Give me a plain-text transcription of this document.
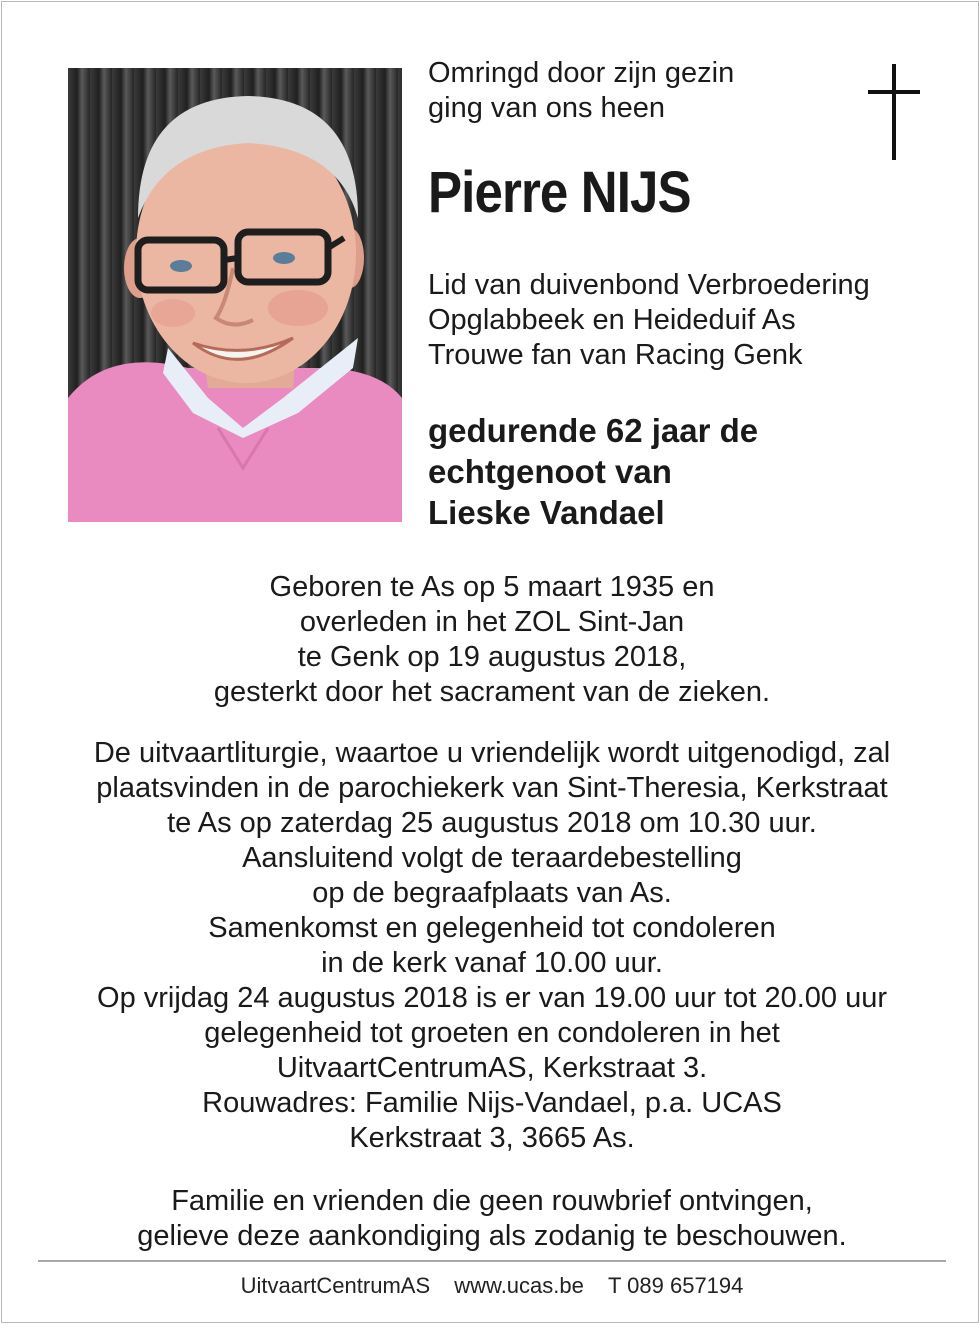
Omringd door zijn gezin
ging van ons heen
Pierre NIJS
Lid van duivenbond Verbroedering
Opglabbeek en Heideduif As
Trouwe fan van Racing Genk
gedurende 62 jaar de
echtgenoot van
Lieske Vandael
Geboren te As op 5 maart 1935 en
overleden in het ZOL Sint-Jan
te Genk op 19 augustus 2018,
gesterkt door het sacrament van de zieken.
De uitvaartliturgie, waartoe u vriendelijk wordt uitgenodigd, zal
plaatsvinden in de parochiekerk van Sint-Theresia, Kerkstraat
te As op zaterdag 25 augustus 2018 om 10.30 uur.
Aansluitend volgt de teraardebestelling
op de begraafplaats van As.
Samenkomst en gelegenheid tot condoleren
in de kerk vanaf 10.00 uur.
Op vrijdag 24 augustus 2018 is er van 19.00 uur tot 20.00 uur
gelegenheid tot groeten en condoleren in het
UitvaartCentrumAS, Kerkstraat 3.
Rouwadres: Familie Nijs-Vandael, p.a. UCAS
Kerkstraat 3, 3665 As.
Familie en vrienden die geen rouwbrief ontvingen,
gelieve deze aankondiging als zodanig te beschouwen.
UitvaartCentrumAS www.ucas.be T 089 657194
